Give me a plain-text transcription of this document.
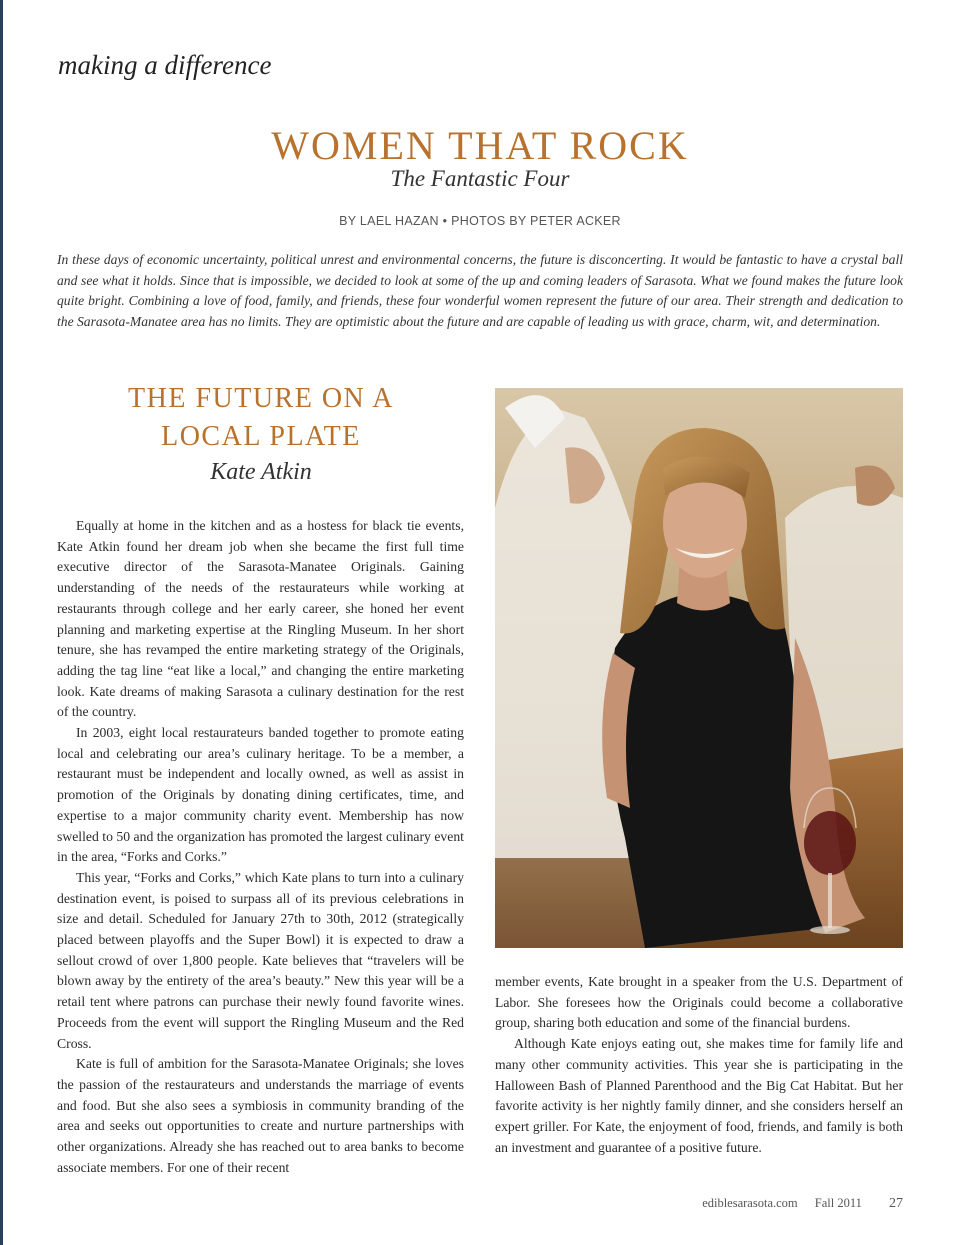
making a difference
WOMEN THAT ROCK
The Fantastic Four
BY LAEL HAZAN • PHOTOS BY PETER ACKER
In these days of economic uncertainty, political unrest and environmental concerns, the future is disconcerting. It would be fantastic to have a crystal ball and see what it holds. Since that is impossible, we decided to look at some of the up and coming leaders of Sarasota. What we found makes the future look quite bright. Combining a love of food, family, and friends, these four wonderful women represent the future of our area. Their strength and dedication to the Sarasota-Manatee area has no limits. They are optimistic about the future and are capable of leading us with grace, charm, wit, and determination.
THE FUTURE ON A
LOCAL PLATE
Kate Atkin

Equally at home in the kitchen and as a hostess for black tie events, Kate Atkin found her dream job when she became the first full time executive director of the Sarasota-Manatee Originals. Gaining understanding of the needs of the restaurateurs while working at restaurants through college and her early career, she honed her event planning and marketing expertise at the Ringling Museum. In her short tenure, she has revamped the entire marketing strategy of the Originals, adding the tag line “eat like a local,” and changing the entire marketing look. Kate dreams of making Sarasota a culinary destination for the rest of the country.

In 2003, eight local restaurateurs banded together to promote eating local and celebrating our area’s culinary heritage. To be a member, a restaurant must be independent and locally owned, as well as assist in promotion of the Originals by donating dining certificates, time, and expertise to a major community charity event. Membership has now swelled to 50 and the organization has promoted the largest culinary event in the area, “Forks and Corks.”

This year, “Forks and Corks,” which Kate plans to turn into a culinary destination event, is poised to surpass all of its previous celebrations in size and detail. Scheduled for January 27th to 30th, 2012 (strategically placed between playoffs and the Super Bowl) it is expected to draw a sellout crowd of over 1,800 people. Kate believes that “travelers will be blown away by the entirety of the area’s beauty.” New this year will be a retail tent where patrons can purchase their newly found favorite wines. Proceeds from the event will support the Ringling Museum and the Red Cross.

Kate is full of ambition for the Sarasota-Manatee Originals; she loves the passion of the restaurateurs and understands the marriage of events and food. But she also sees a symbiosis in community branding of the area and seeks out opportunities to create and nurture partnerships with other organizations. Already she has reached out to area banks to become associate members. For one of their recent

member events, Kate brought in a speaker from the U.S. Department of Labor. She foresees how the Originals could become a collaborative group, sharing both education and some of the financial burdens.

Although Kate enjoys eating out, she makes time for family life and many other community activities. This year she is participating in the Halloween Bash of Planned Parenthood and the Big Cat Habitat. But her favorite activity is her nightly family dinner, and she considers herself an expert griller. For Kate, the enjoyment of food, friends, and family is both an investment and guarantee of a positive future.

ediblesarasota.com Fall 2011 27
